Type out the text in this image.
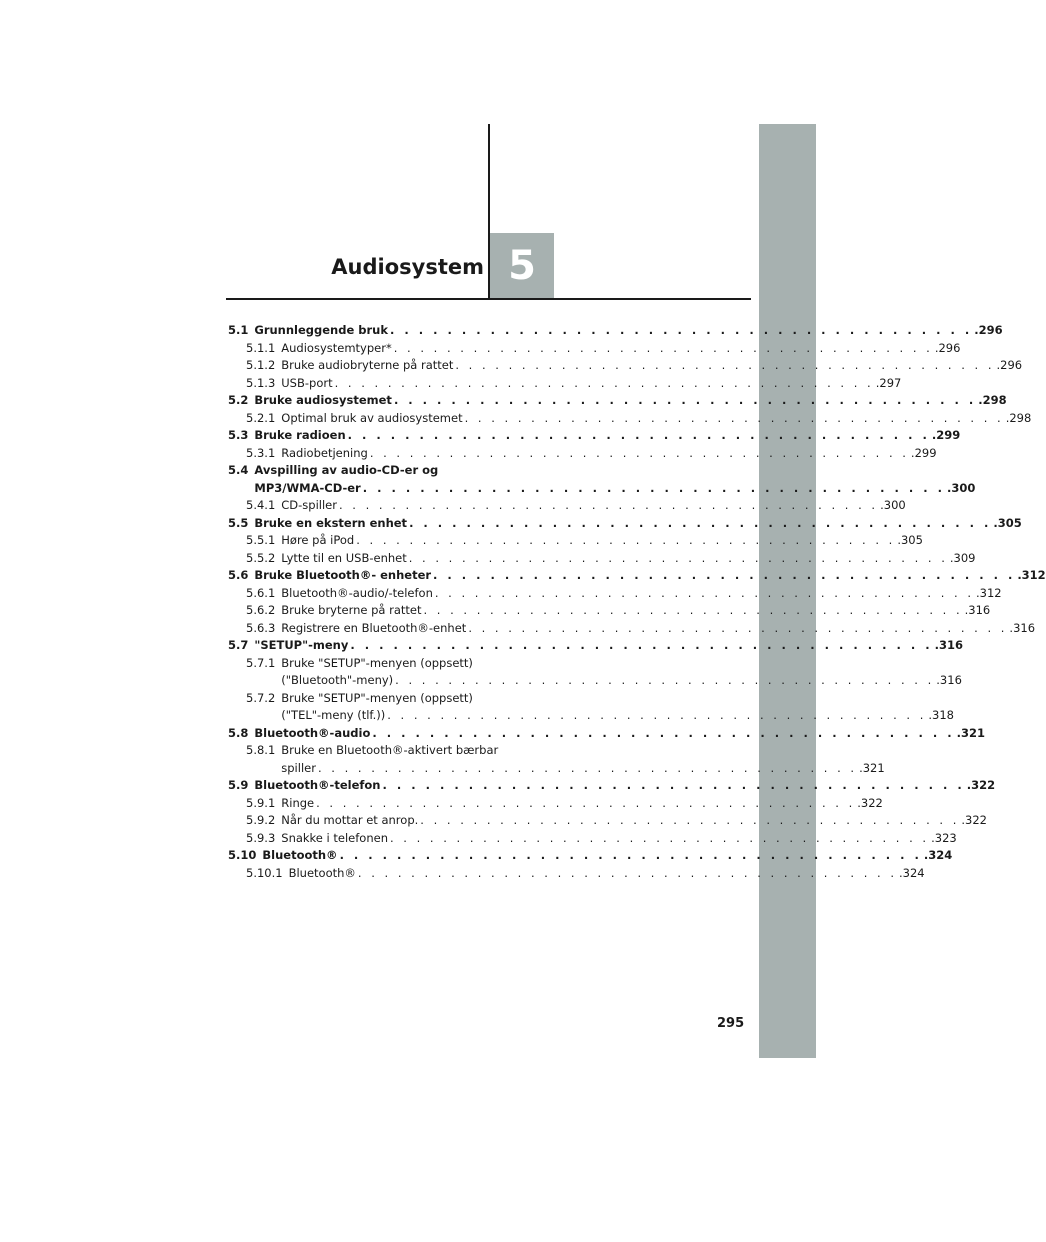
Audiosystem 5
5.1 Grunnleggende bruk . . .	.296
5.1.1 Audiosystemtyper* . . .	.296
5.1.2 Bruke audiobryterne på rattet . . .	.296
5.1.3 USB-port . . .	.297
5.2 Bruke audiosystemet . . .	.298
5.2.1 Optimal bruk av audiosystemet . . .	.298
5.3 Bruke radioen . . .	.299
5.3.1 Radiobetjening . . .	.299
5.4 Avspilling av audio-CD-er og
MP3/WMA-CD-er . . .	.300
5.4.1 CD-spiller . . .	.300
5.5 Bruke en ekstern enhet . . .	.305
5.5.1 Høre på iPod . . .	.305
5.5.2 Lytte til en USB-enhet . . .	.309
5.6 Bruke Bluetooth®- enheter . . .	.312
5.6.1 Bluetooth®-audio/-telefon . . .	.312
5.6.2 Bruke bryterne på rattet . . .	.316
5.6.3 Registrere en Bluetooth®-enhet . . .	.316
5.7 "SETUP"-meny . . .	.316
5.7.1 Bruke "SETUP"-menyen (oppsett)
("Bluetooth"-meny) . . .	.316
5.7.2 Bruke "SETUP"-menyen (oppsett)
("TEL"-meny (tlf.)) . . .	.318
5.8 Bluetooth®-audio . . .	.321
5.8.1 Bruke en Bluetooth®-aktivert bærbar
spiller . . .	.321
5.9 Bluetooth®-telefon . . .	.322
5.9.1 Ringe . . .	.322
5.9.2 Når du mottar et anrop. . . .	.322
5.9.3 Snakke i telefonen . . .	.323
5.10 Bluetooth® . . .	.324
5.10.1 Bluetooth® . . .	.324
295
